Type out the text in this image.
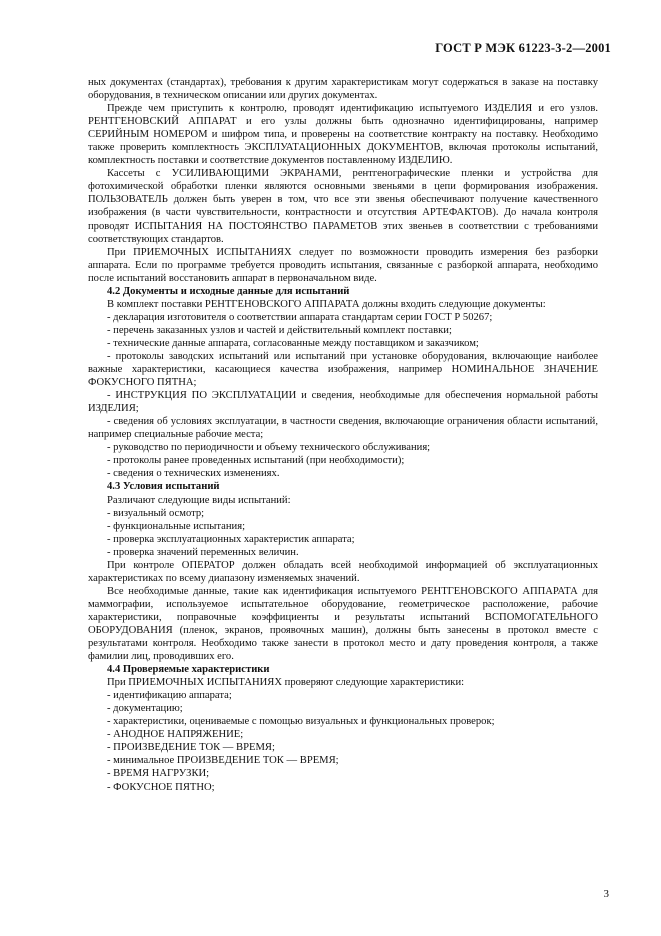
ГОСТ Р МЭК 61223-3-2—2001

ных документах (стандартах), требования к другим характеристикам могут содержаться в заказе на поставку оборудования, в техническом описании или других документах.

Прежде чем приступить к контролю, проводят идентификацию испытуемого ИЗДЕЛИЯ и его узлов. РЕНТГЕНОВСКИЙ АППАРАТ и его узлы должны быть однозначно идентифицированы, например СЕРИЙНЫМ НОМЕРОМ и шифром типа, и проверены на соответствие контракту на поставку. Необходимо также проверить комплектность ЭКСПЛУАТАЦИОННЫХ ДОКУМЕНТОВ, включая протоколы испытаний, комплектность поставки и соответствие документов поставленному ИЗДЕЛИЮ.

Кассеты с УСИЛИВАЮЩИМИ ЭКРАНАМИ, рентгенографические пленки и устройства для фотохимической обработки пленки являются основными звеньями в цепи формирования изображения. ПОЛЬЗОВАТЕЛЬ должен быть уверен в том, что все эти звенья обеспечивают получение качественного изображения (в части чувствительности, контрастности и отсутствия АРТЕФАКТОВ). До начала контроля проводят ИСПЫТАНИЯ НА ПОСТОЯНСТВО ПАРАМЕТОВ этих звеньев в соответствии с требованиями соответствующих стандартов.

При ПРИЕМОЧНЫХ ИСПЫТАНИЯХ следует по возможности проводить измерения без разборки аппарата. Если по программе требуется проводить испытания, связанные с разборкой аппарата, необходимо после испытаний восстановить аппарат в первоначальном виде.

4.2 Документы и исходные данные для испытаний

В комплект поставки РЕНТГЕНОВСКОГО АППАРАТА должны входить следующие документы:

- декларация изготовителя о соответствии аппарата стандартам серии ГОСТ Р 50267;

- перечень заказанных узлов и частей и действительный комплект поставки;

- технические данные аппарата, согласованные между поставщиком и заказчиком;

- протоколы заводских испытаний или испытаний при установке оборудования, включающие наиболее важные характеристики, касающиеся качества изображения, например НОМИНАЛЬНОЕ ЗНАЧЕНИЕ ФОКУСНОГО ПЯТНА;

- ИНСТРУКЦИЯ ПО ЭКСПЛУАТАЦИИ и сведения, необходимые для обеспечения нормальной работы ИЗДЕЛИЯ;

- сведения об условиях эксплуатации, в частности сведения, включающие ограничения области испытаний, например специальные рабочие места;

- руководство по периодичности и объему технического обслуживания;

- протоколы ранее проведенных испытаний (при необходимости);

- сведения о технических изменениях.

4.3 Условия испытаний

Различают следующие виды испытаний:

- визуальный осмотр;

- функциональные испытания;

- проверка эксплуатационных характеристик аппарата;

- проверка значений переменных величин.

При контроле ОПЕРАТОР должен обладать всей необходимой информацией об эксплуатационных характеристиках по всему диапазону изменяемых значений.

Все необходимые данные, такие как идентификация испытуемого РЕНТГЕНОВСКОГО АППАРАТА для маммографии, используемое испытательное оборудование, геометрическое расположение, рабочие характеристики, поправочные коэффициенты и результаты испытаний ВСПОМОГАТЕЛЬНОГО ОБОРУДОВАНИЯ (пленок, экранов, проявочных машин), должны быть занесены в протокол вместе с результатами контроля. Необходимо также занести в протокол место и дату проведения контроля, а также фамилии лиц, проводивших его.

4.4 Проверяемые характеристики

При ПРИЕМОЧНЫХ ИСПЫТАНИЯХ проверяют следующие характеристики:

- идентификацию аппарата;

- документацию;

- характеристики, оцениваемые с помощью визуальных и функциональных проверок;

- АНОДНОЕ НАПРЯЖЕНИЕ;

- ПРОИЗВЕДЕНИЕ ТОК — ВРЕМЯ;

- минимальное ПРОИЗВЕДЕНИЕ ТОК — ВРЕМЯ;

- ВРЕМЯ НАГРУЗКИ;

- ФОКУСНОЕ ПЯТНО;

3
